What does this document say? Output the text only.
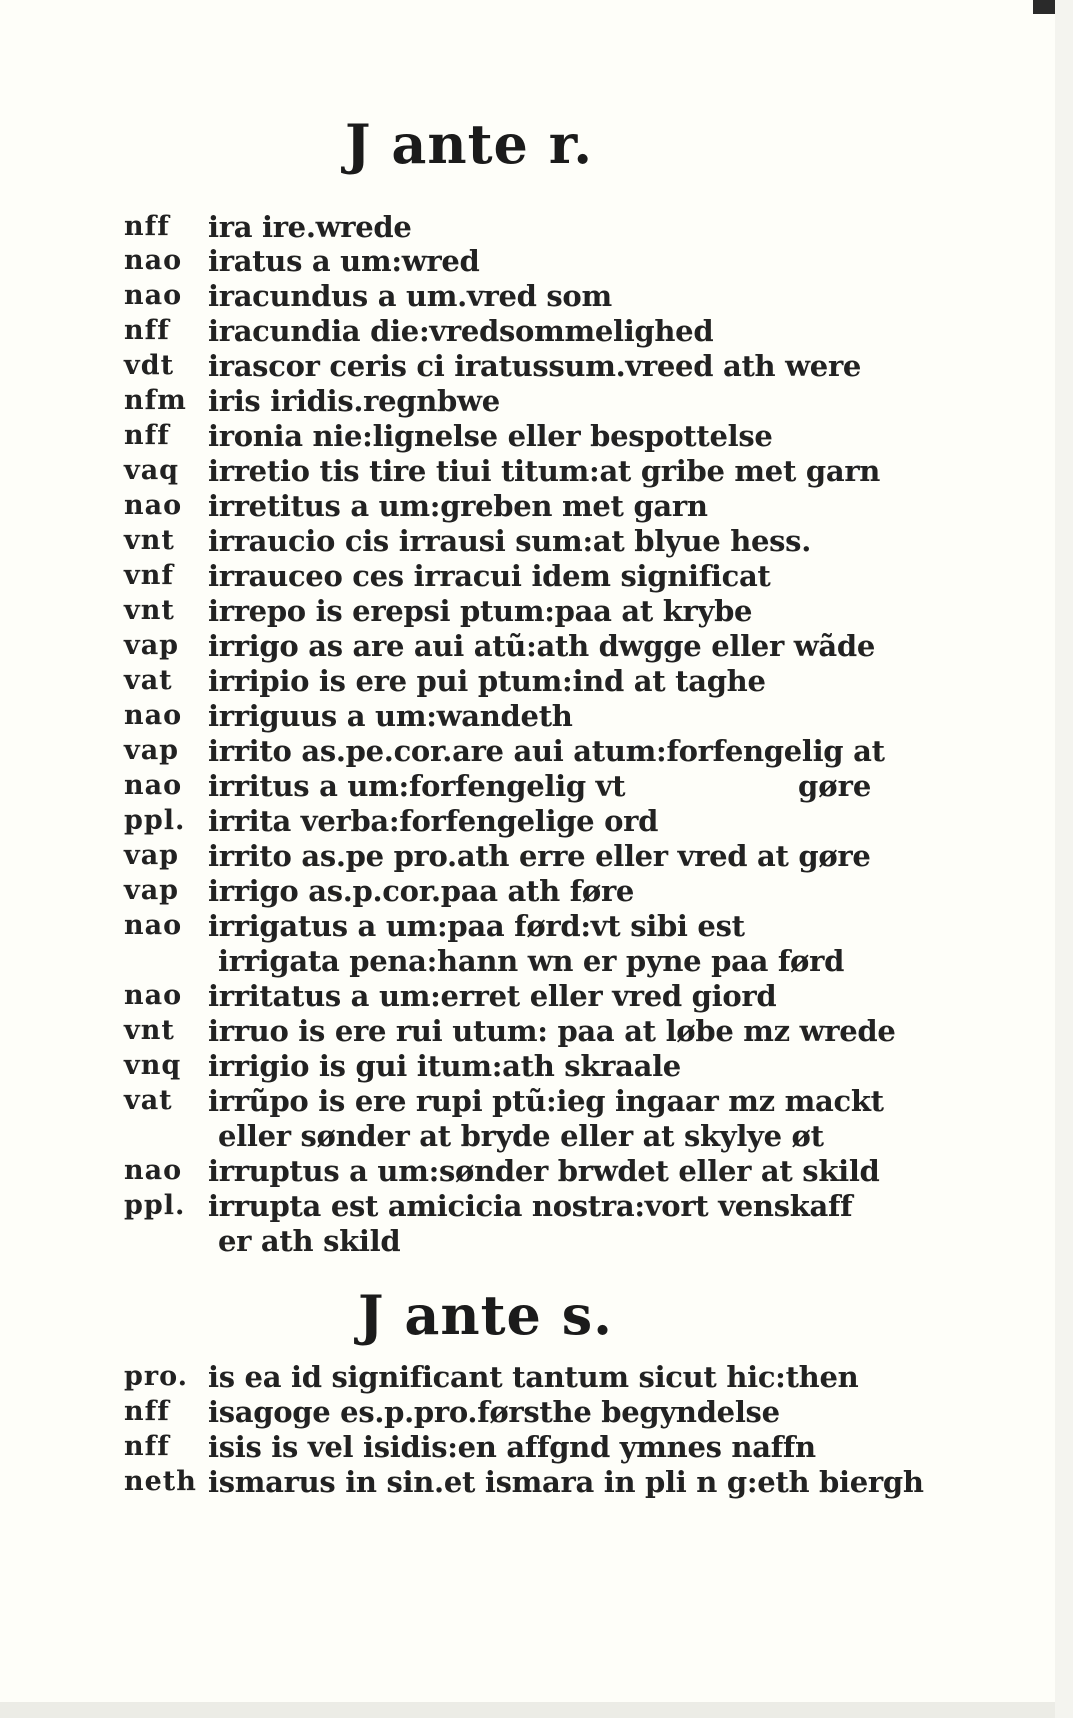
J ante r.
nff	ira ire.wrede
nao iratus a um:wred
nao iracundus a um.vred som
nff	iracundia die:vredsommelighed
vdt	irascor ceris ci iratussum.vreed ath were
nfm iris iridis.regnbwe
nff	ironia nie:lignelse eller bespottelse
vaq irretio tis tire tiui titum:at gribe met garn
nao irretitus a um:greben met garn
vnt	irraucio cis irrausi sum:at blyue hess.
vnf	irrauceo ces irracui idem significat
vnt	irrepo is erepsi ptum:paa at krybe
vap irrigo as are aui atũ:ath dwgge eller wãde
vat	irripio is ere pui ptum:ind at taghe
nao irriguus a um:wandeth
vap irrito as.pe.cor.are aui atum:forfengelig at
nao irritus a um:forfengelig vt	gøre
ppl. irrita verba:forfengelige ord
vap irrito as.pe pro.ath erre eller vred at gøre
vap irrigo as.p.cor.paa ath føre
nao irrigatus a um:paa førd:vt sibi est
irrigata pena:hann wn er pyne paa førd
nao irritatus a um:erret eller vred giord
vnt	irruo is ere rui utum: paa at løbe mz wrede
vnq irrigio is gui itum:ath skraale
vat	irrũpo is ere rupi ptũ:ieg ingaar mz mackt
eller sønder at bryde eller at skylye øt
nao irruptus a um:sønder brwdet eller at skild
ppl. irrupta est amicicia nostra:vort venskaff
er ath skild
J ante s.
pro. is ea id significant tantum sicut hic:then
nff	isagoge es.p.pro.førsthe begyndelse
nff	isis is vel isidis:en affgnd ymnes naffn
neth ismarus in sin.et ismara in pli n g:eth biergh
